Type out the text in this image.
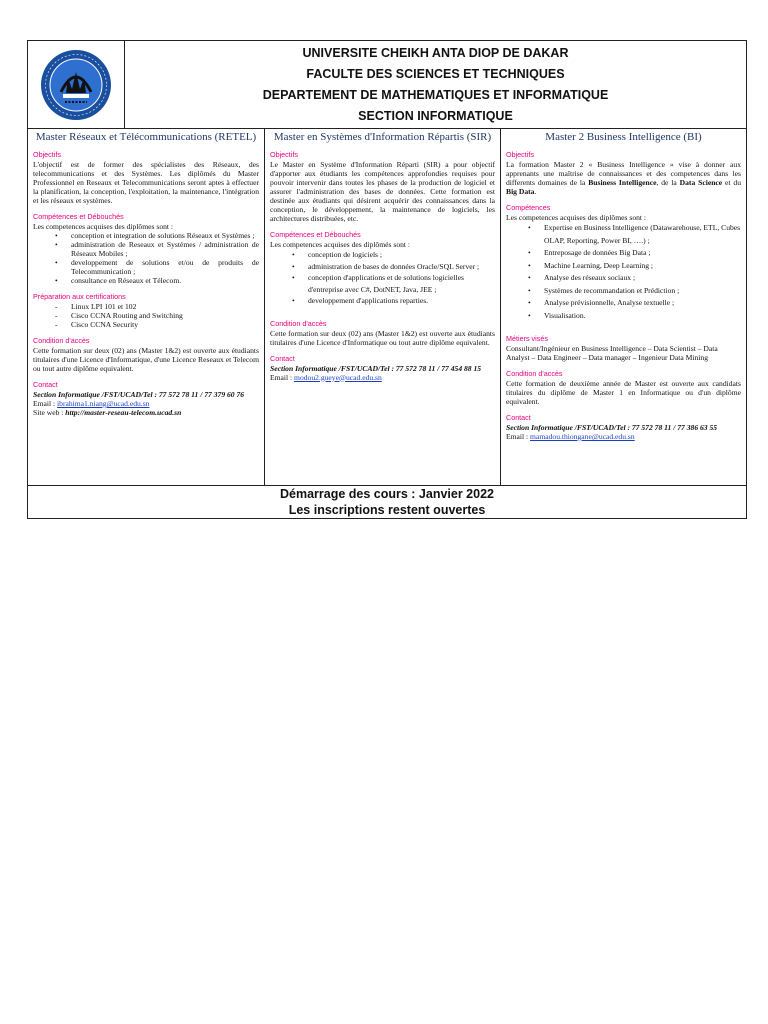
UNIVERSITE CHEIKH ANTA DIOP DE DAKAR
FACULTE DES SCIENCES ET TECHNIQUES
DEPARTEMENT DE MATHEMATIQUES ET INFORMATIQUE
SECTION INFORMATIQUE
Master Réseaux et Télécommunications (RETEL)
Objectifs
L'objectif est de former des spécialistes des Réseaux, des telecommunications et des Systèmes. Les diplômés du Master Professionnel en Reseaux et Telecommunications seront aptes à effectuer la planification, la conception, l'exploitation, la maintenance, l'intégration et les réseaux et systèmes.
Compétences et Débouchés
Les competences acquises des diplômes sont :
• conception et integration de solutions Réseaux et Systèmes ;
• administration de Reseaux et Systèmes / administration de Réseaux Mobiles ;
• developpement de solutions et/ou de produits de Telecommunication ;
• consultance en Réseaux et Télecom.
Préparation aux certifications
- Linux LPI 101 et 102
- Cisco CCNA Routing and Switching
- Cisco CCNA Security
Condition d'accès
Cette formation sur deux (02) ans (Master 1&2) est ouverte aux étudiants titulaires d'une Licence d'Informatique, d'une Licence Reseaux et Telecom ou tout autre diplôme equivalent.
Contact
Section Informatique /FST/UCAD/Tel : 77 572 78 11 / 77 379 60 76
Email : ibrahima1.niang@ucad.edu.sn
Site web : http://master-reseau-telecom.ucad.sn
Master en Systèmes d'Information Répartis (SIR)
Objectifs
Le Master en Système d'Information Réparti (SIR) a pour objectif d'apporter aux étudiants les compétences approfondies requises pour pouvoir intervenir dans toutes les phases de la production de logiciel et assurer l'administration des bases de données. Cette formation est destinée aux étudiants qui désirent acquérir des connaissances dans la conception, le développement, la maintenance de logiciels, les architectures distribuées, etc.
Compétences et Débouchés
Les competences acquises des diplômés sont :
• conception de logiciels ;
• administration de bases de données Oracle/SQL Server ;
• conception d'applications et de solutions logicielles d'entreprise avec C#, DotNET, Java, JEE ;
• developpement d'applications reparties.
Condition d'accès
Cette formation sur deux (02) ans (Master 1&2) est ouverte aux étudiants titulaires d'une Licence d'Informatique ou tout autre diplôme equivalent.
Contact
Section Informatique /FST/UCAD/Tel : 77 572 78 11 / 77 454 88 15
Email : modou2.gueye@ucad.edu.sn
Master 2 Business Intelligence (BI)
Objectifs
La formation Master 2 « Business Intelligence » vise à donner aux apprenants une maîtrise de connaissances et des competences dans les differents domaines de la Business Intelligence, de la Data Science et du Big Data.
Compétences
Les competences acquises des diplômes sont :
• Expertise en Business Intelligence (Datawarehouse, ETL, Cubes OLAP, Reporting, Power BI, ….) ;
• Entreposage de données Big Data ;
• Machine Learning, Deep Learning ;
• Analyse des réseaux sociaux ;
• Systèmes de recommandation et Prédiction ;
• Analyse prévisionnelle, Analyse textuelle ;
• Visualisation.
Métiers visés
Consultant/Ingénieur en Business Intelligence – Data Scientist – Data Analyst – Data Engineer – Data manager – Ingenieur Data Mining
Condition d'accès
Cette formation de deuxième année de Master est ouverte aux candidats titulaires du diplôme de Master 1 en Informatique ou d'un diplôme equivalent.
Contact
Section Informatique /FST/UCAD/Tel : 77 572 78 11 / 77 386 63 55
Email : mamadou.thiongane@ucad.edu.sn
Démarrage des cours : Janvier 2022
Les inscriptions restent ouvertes
